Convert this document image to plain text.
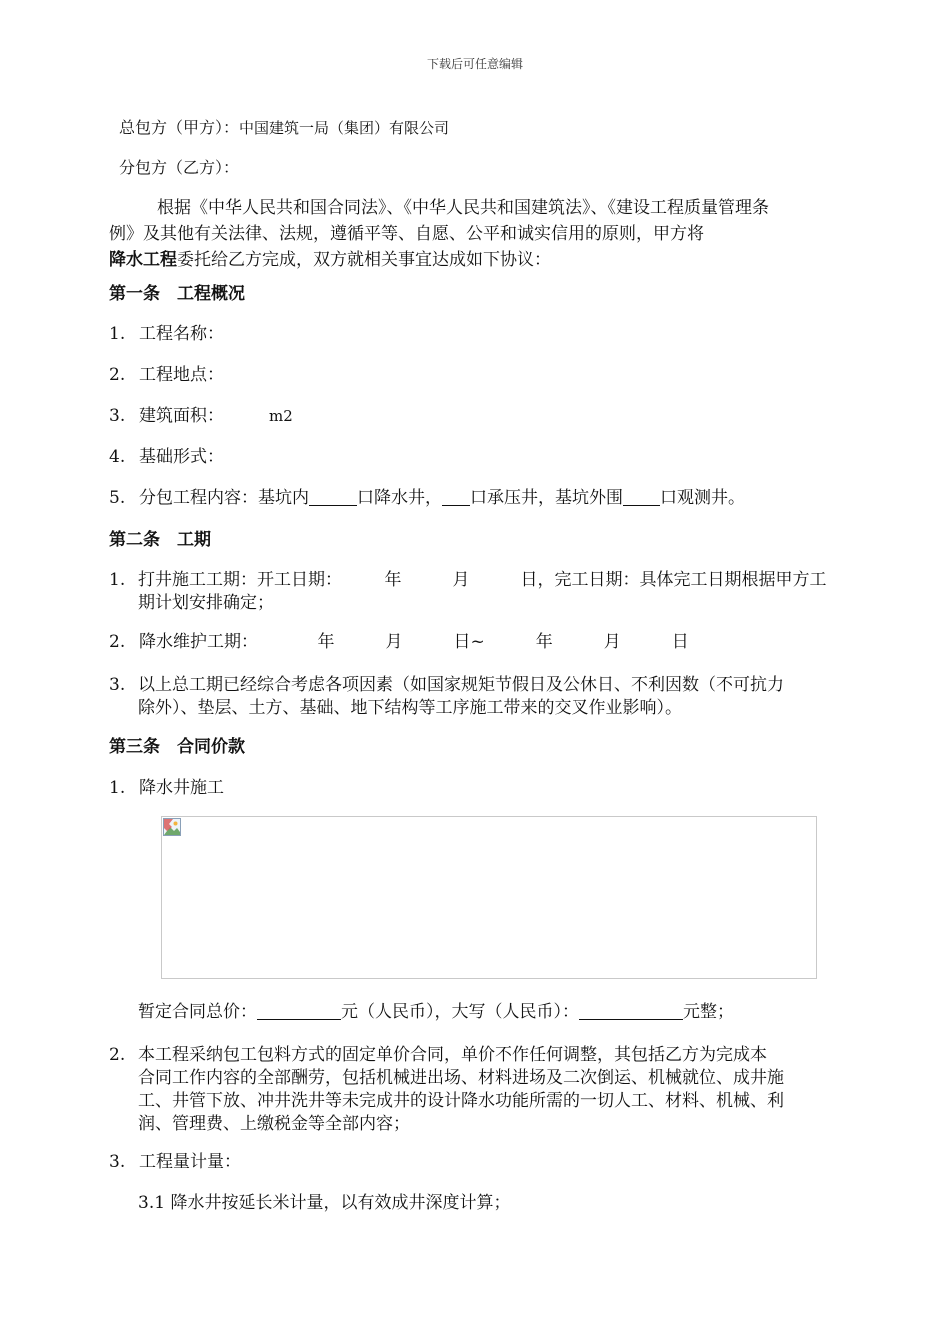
下载后可任意编辑
总包方（甲方）：中国建筑一局（集团）有限公司
分包方（乙方）：
根据《中华人民共和国合同法》、《中华人民共和国建筑法》、《建设工程质量管理条
例》及其他有关法律、法规，遵循平等、自愿、公平和诚实信用的原则，甲方将
降水工程委托给乙方完成，双方就相关事宜达成如下协议：
第一条　工程概况
1. 工程名称：
2. 工程地点：
3. 建筑面积：	m2
4. 基础形式：
5. 分包工程内容：基坑内	口降水井， 口承压井，基坑外围 口观测井。
第二条　工期
1. 打井施工工期：开工日期：　　　年　　　月　　　日，完工日期：具体完工日期根据甲方工
期计划安排确定；
2. 降水维护工期：　　　　年　　　月　　　日~　　　年　　　月　　　日
3. 以上总工期已经综合考虑各项因素（如国家规矩节假日及公休日、不利因数（不可抗力
除外）、垫层、土方、基础、地下结构等工序施工带来的交叉作业影响）。
第三条　合同价款
1. 降水井施工
暂定合同总价：	元（人民币），大写（人民币）：	元整；
2. 本工程采纳包工包料方式的固定单价合同，单价不作任何调整，其包括乙方为完成本
合同工作内容的全部酬劳，包括机械进出场、材料进场及二次倒运、机械就位、成井施
工、井管下放、冲井洗井等未完成井的设计降水功能所需的一切人工、材料、机械、利
润、管理费、上缴税金等全部内容；
3. 工程量计量：
3.1 降水井按延长米计量，以有效成井深度计算；
